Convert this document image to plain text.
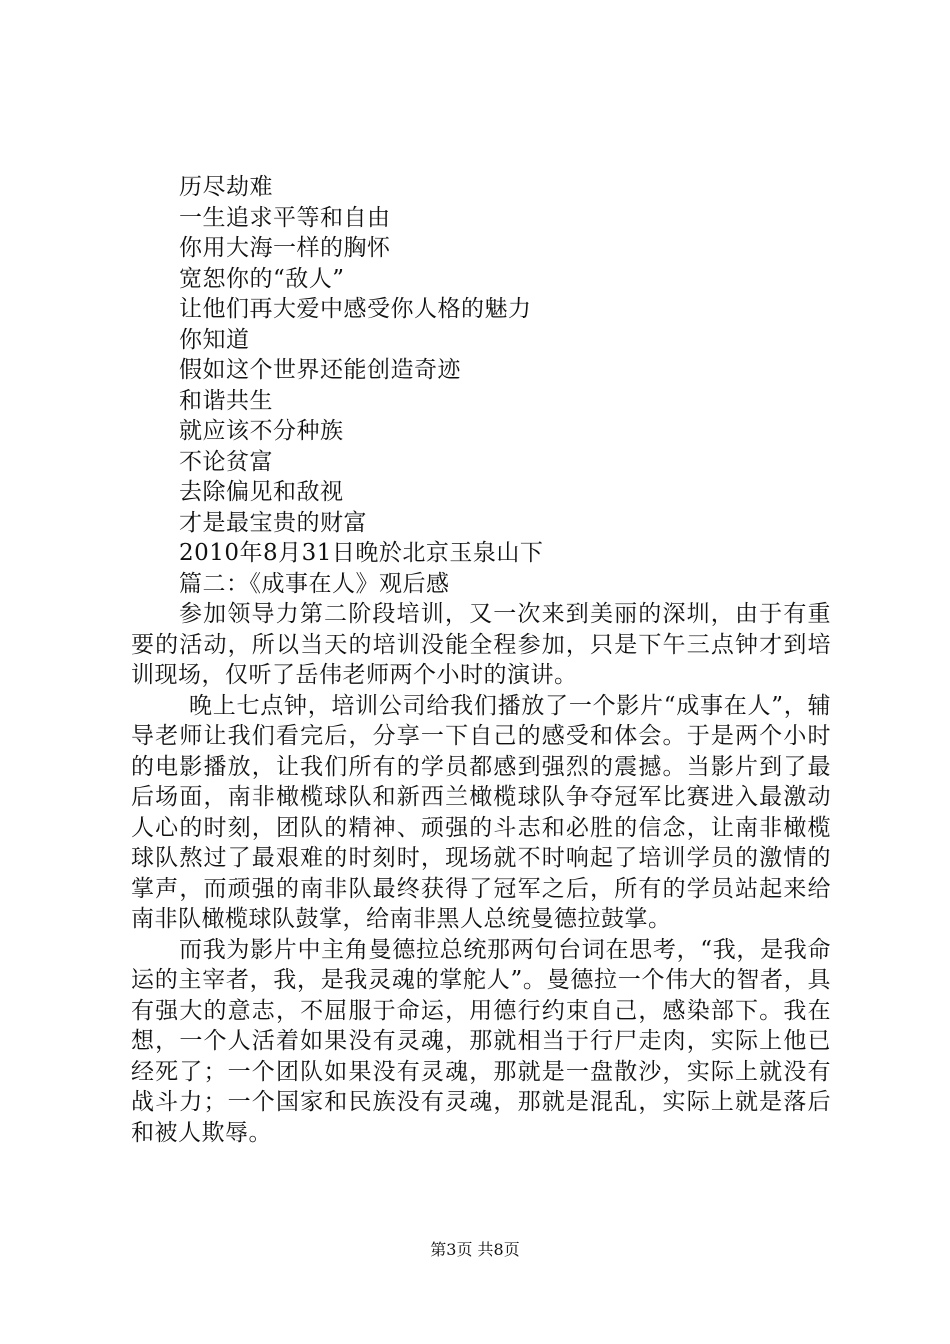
历尽劫难
一生追求平等和自由
你用大海一样的胸怀
宽恕你的“敌人”
让他们再大爱中感受你人格的魅力
你知道
假如这个世界还能创造奇迹
和谐共生
就应该不分种族
不论贫富
去除偏见和敌视
才是最宝贵的财富
2010年8月31日晚於北京玉泉山下
篇二：《成事在人》观后感

参加领导力第二阶段培训，又一次来到美丽的深圳，由于有重要的活动，所以当天的培训没能全程参加，只是下午三点钟才到培训现场，仅听了岳伟老师两个小时的演讲。

晚上七点钟，培训公司给我们播放了一个影片“成事在人”，辅导老师让我们看完后，分享一下自己的感受和体会。于是两个小时的电影播放，让我们所有的学员都感到强烈的震撼。当影片到了最后场面，南非橄榄球队和新西兰橄榄球队争夺冠军比赛进入最激动人心的时刻，团队的精神、顽强的斗志和必胜的信念，让南非橄榄球队熬过了最艰难的时刻时，现场就不时响起了培训学员的激情的掌声，而顽强的南非队最终获得了冠军之后，所有的学员站起来给南非队橄榄球队鼓掌，给南非黑人总统曼德拉鼓掌。

而我为影片中主角曼德拉总统那两句台词在思考，“我，是我命运的主宰者，我，是我灵魂的掌舵人”。曼德拉一个伟大的智者，具有强大的意志，不屈服于命运，用德行约束自己，感染部下。我在想，一个人活着如果没有灵魂，那就相当于行尸走肉，实际上他已经死了；一个团队如果没有灵魂，那就是一盘散沙，实际上就没有战斗力；一个国家和民族没有灵魂，那就是混乱，实际上就是落后和被人欺辱。

第3页 共8页
